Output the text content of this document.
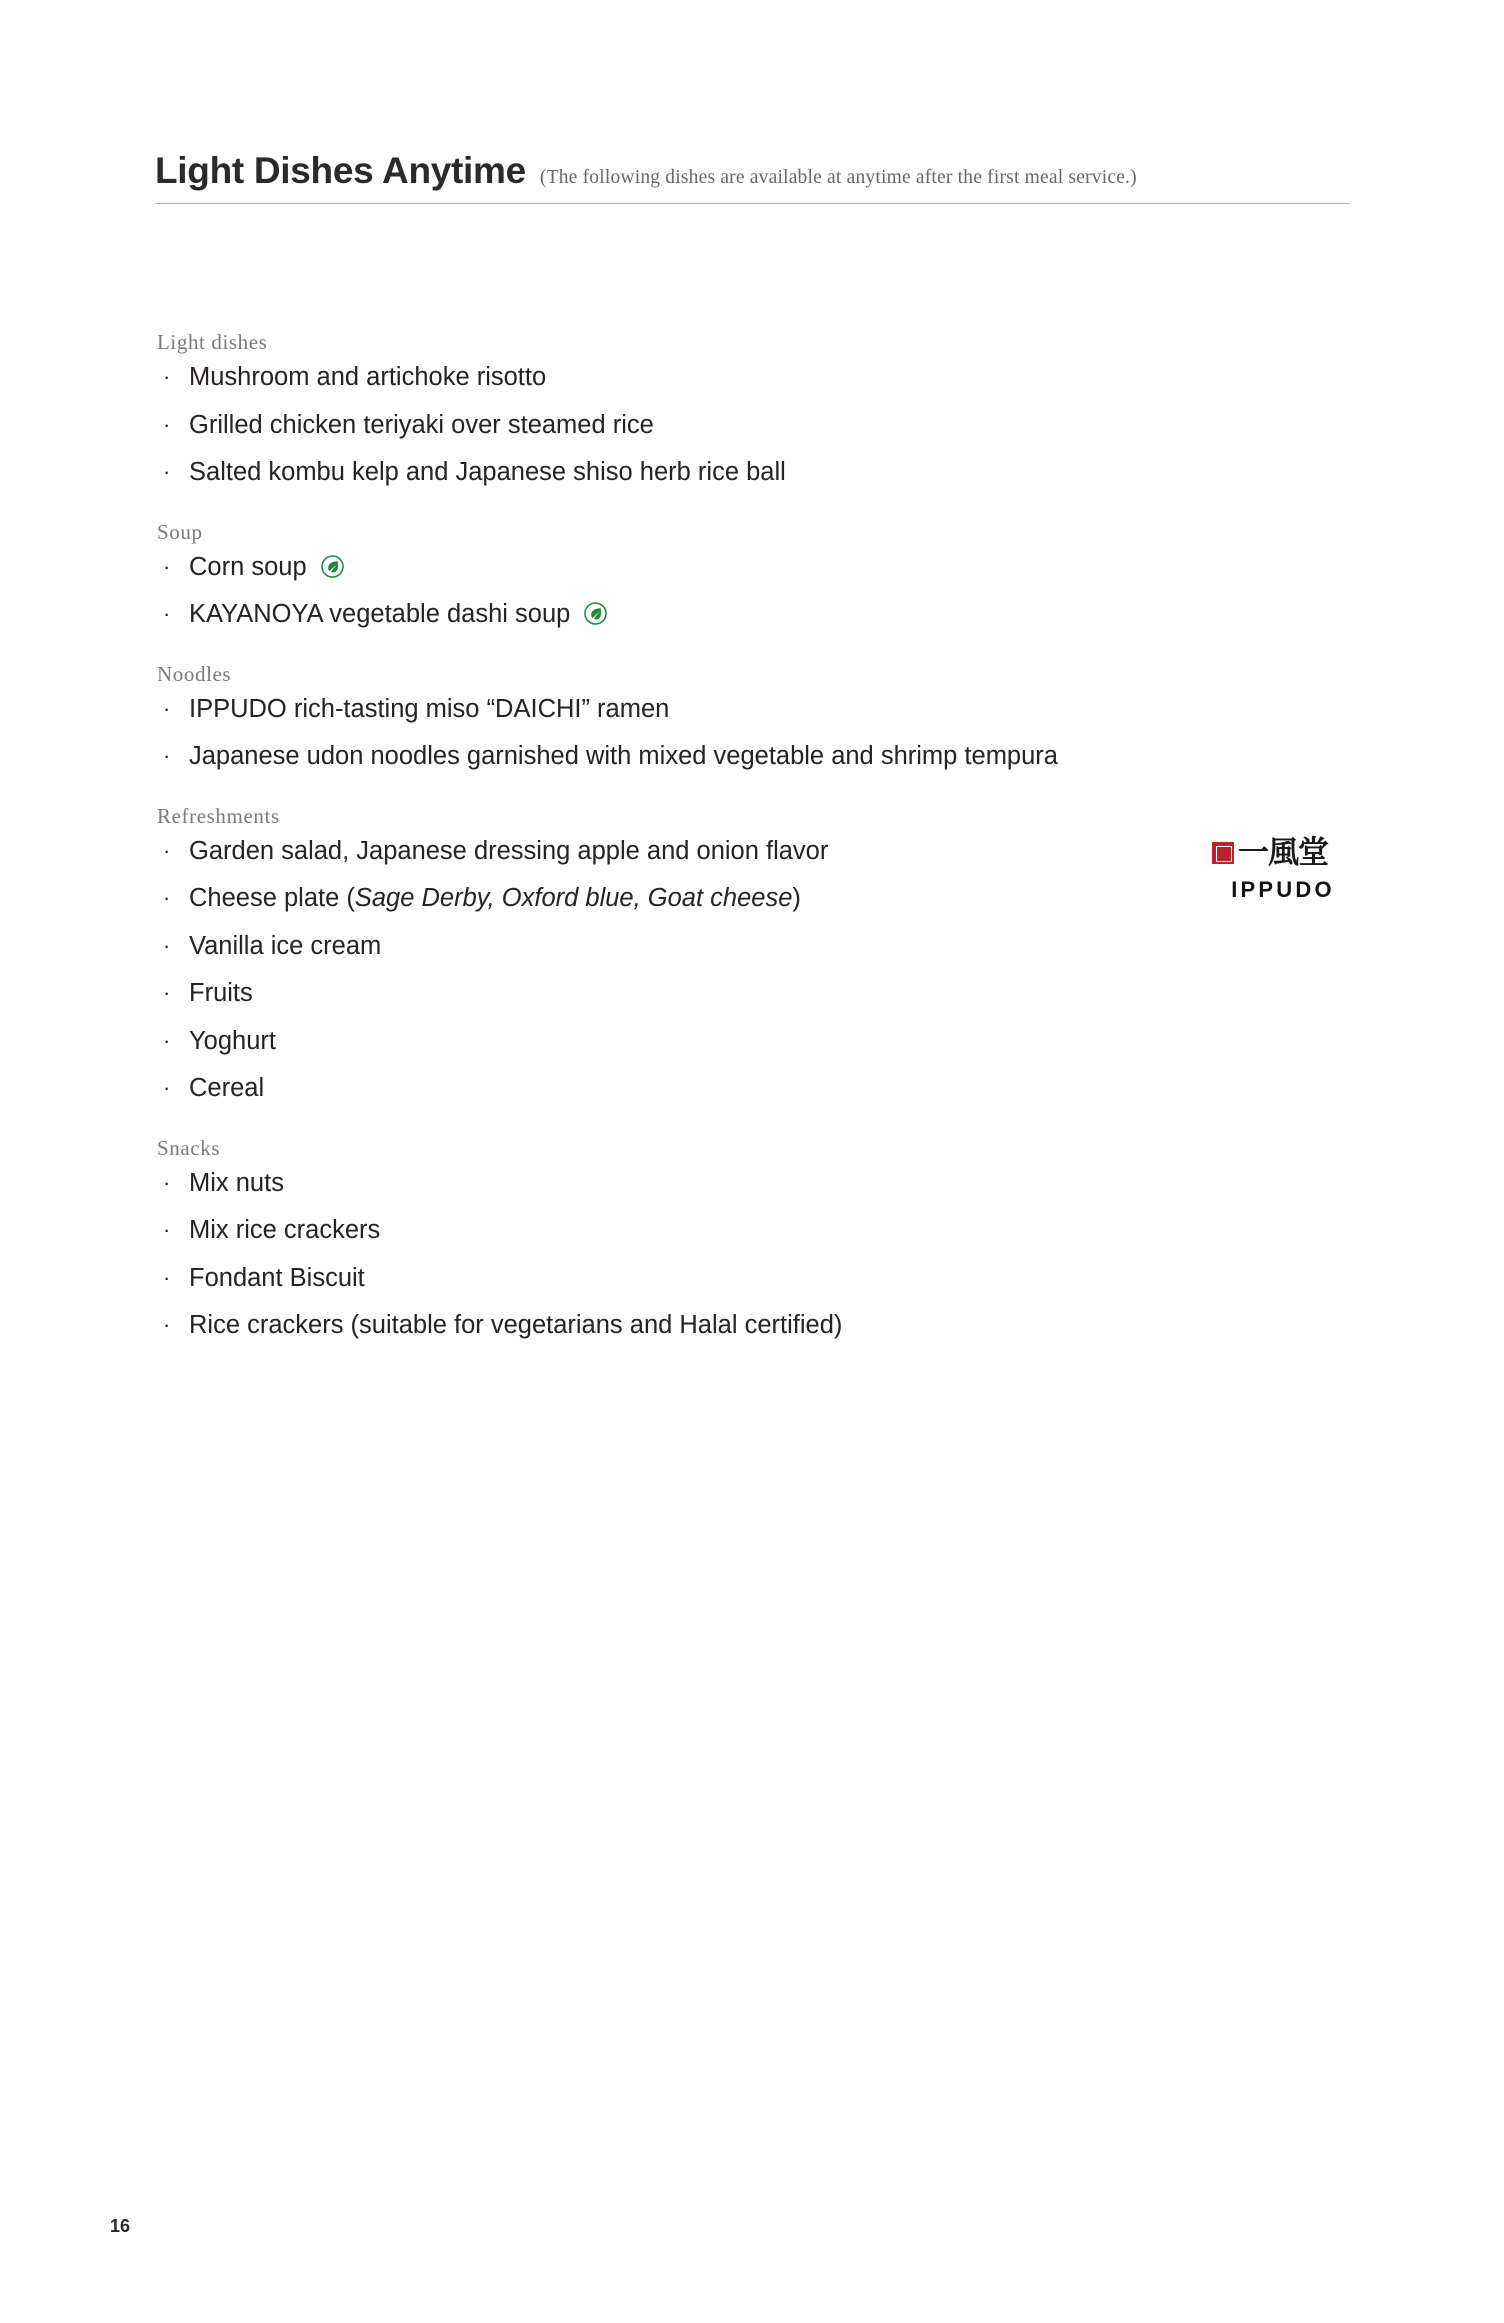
Light Dishes Anytime (The following dishes are available at anytime after the first meal service.)
Light dishes
· Mushroom and artichoke risotto
· Grilled chicken teriyaki over steamed rice
· Salted kombu kelp and Japanese shiso herb rice ball
Soup
· Corn soup
· KAYANOYA vegetable dashi soup
Noodles
· IPPUDO rich-tasting miso “DAICHI” ramen
· Japanese udon noodles garnished with mixed vegetable and shrimp tempura
Refreshments
· Garden salad, Japanese dressing apple and onion flavor
· Cheese plate (Sage Derby, Oxford blue, Goat cheese)
· Vanilla ice cream
· Fruits
· Yoghurt
· Cereal
Snacks
· Mix nuts
· Mix rice crackers
· Fondant Biscuit
· Rice crackers (suitable for vegetarians and Halal certified)
一風堂
IPPUDO
16
